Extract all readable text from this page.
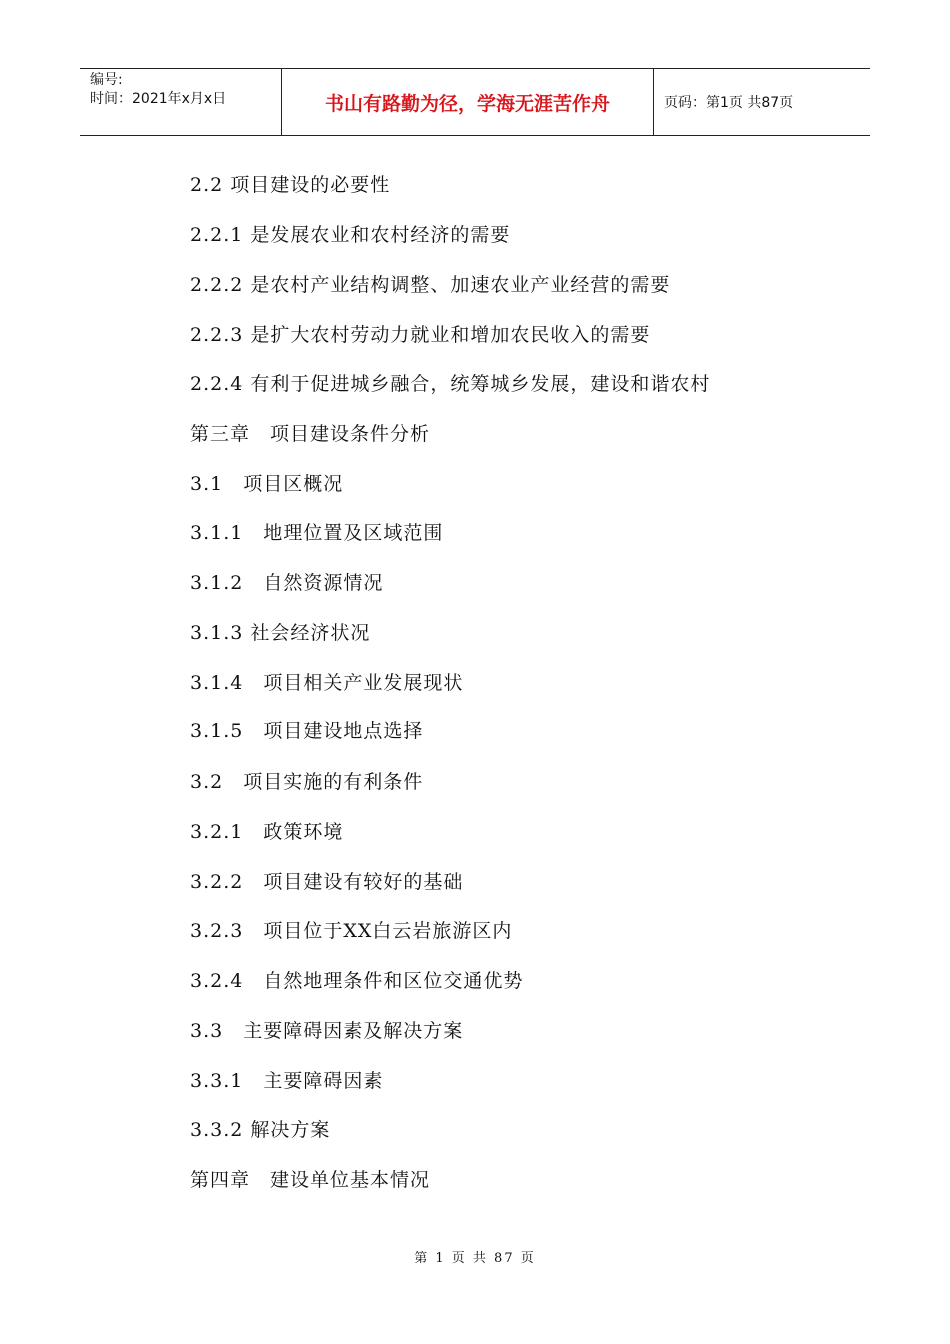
编号:
时间：2021年x月x日	书山有路勤为径，学海无涯苦作舟	页码：第1页 共87页
2.2 项目建设的必要性
2.2.1 是发展农业和农村经济的需要
2.2.2 是农村产业结构调整、加速农业产业经营的需要
2.2.3 是扩大农村劳动力就业和增加农民收入的需要
2.2.4 有利于促进城乡融合，统筹城乡发展，建设和谐农村
第三章　项目建设条件分析
3.1　项目区概况
3.1.1　地理位置及区域范围
3.1.2　自然资源情况
3.1.3 社会经济状况
3.1.4　项目相关产业发展现状
3.1.5　项目建设地点选择
3.2　项目实施的有利条件
3.2.1　政策环境
3.2.2　项目建设有较好的基础
3.2.3　项目位于XX白云岩旅游区内
3.2.4　自然地理条件和区位交通优势
3.3　主要障碍因素及解决方案
3.3.1　主要障碍因素
3.3.2 解决方案
第四章　建设单位基本情况
第 1 页 共 87 页
